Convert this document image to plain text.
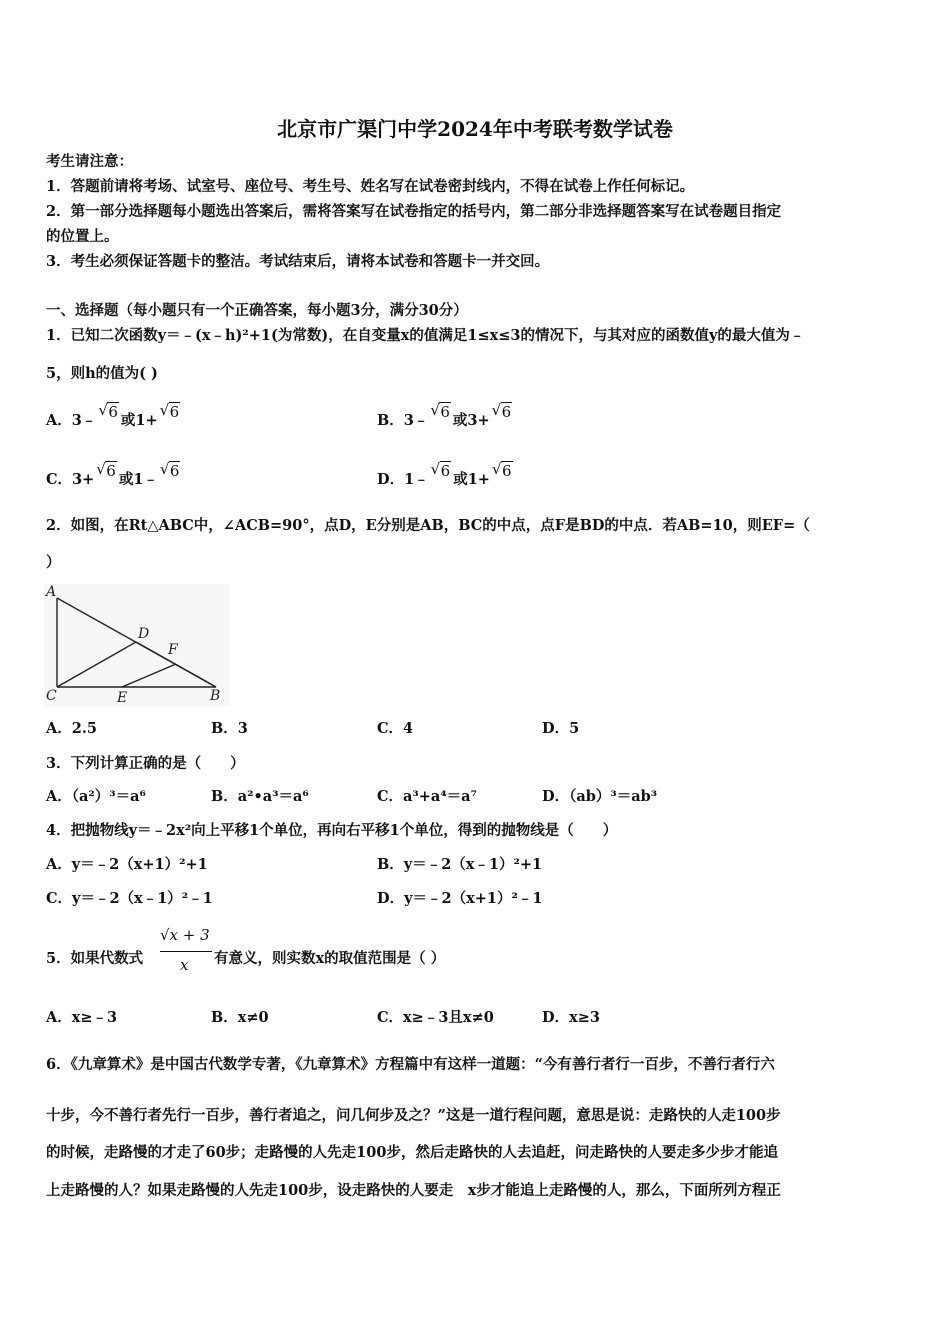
北京市广渠门中学2024年中考联考数学试卷
考生请注意：
1．答题前请将考场、试室号、座位号、考生号、姓名写在试卷密封线内，不得在试卷上作任何标记。
2．第一部分选择题每小题选出答案后，需将答案写在试卷指定的括号内，第二部分非选择题答案写在试卷题目指定
的位置上。
3．考生必须保证答题卡的整洁。考试结束后，请将本试卷和答题卡一并交回。
一、选择题（每小题只有一个正确答案，每小题3分，满分30分）
1．已知二次函数y＝﹣(x﹣h)²+1(为常数)，在自变量x的值满足1≤x≤3的情况下，与其对应的函数值y的最大值为﹣
5，则h的值为( )
A．3﹣ √ 6 或1+ √ 6	B．3﹣ √ 6 或3+ √ 6
C．3+ √ 6 或1﹣ √ 6	D．1﹣ √ 6 或1+ √ 6
2．如图，在Rt△ABC中，∠ACB=90°，点D，E分别是AB，BC的中点，点F是BD的中点．若AB=10，则EF=（
）
A
C	E	B
D
F
A．2.5	B．3	C．4	D．5
3．下列计算正确的是（　　）
A．（a²）³＝a⁶	B．a²•a³＝a⁶	C．a³+a⁴＝a⁷	D．（ab）³＝ab³
4．把抛物线y＝﹣2x²向上平移1个单位，再向右平移1个单位，得到的抛物线是（　　）
A．y＝﹣2（x+1）²+1	B．y＝﹣2（x﹣1）²+1
C．y＝﹣2（x﹣1）²﹣1	D．y＝﹣2（x+1）²﹣1
5．如果代数式
√x + 3
x 有意义，则实数x的取值范围是（ ）
A．x≥﹣3	B．x≠0	C．x≥﹣3且x≠0	D．x≥3
6．《九章算术》是中国古代数学专著，《九章算术》方程篇中有这样一道题：“今有善行者行一百步，不善行者行六
十步，今不善行者先行一百步，善行者追之，问几何步及之？”这是一道行程问题，意思是说：走路快的人走100步
的时候，走路慢的才走了60步；走路慢的人先走100步，然后走路快的人去追赶，问走路快的人要走多少步才能追
上走路慢的人？如果走路慢的人先走100步，设走路快的人要走　x步才能追上走路慢的人，那么，下面所列方程正
